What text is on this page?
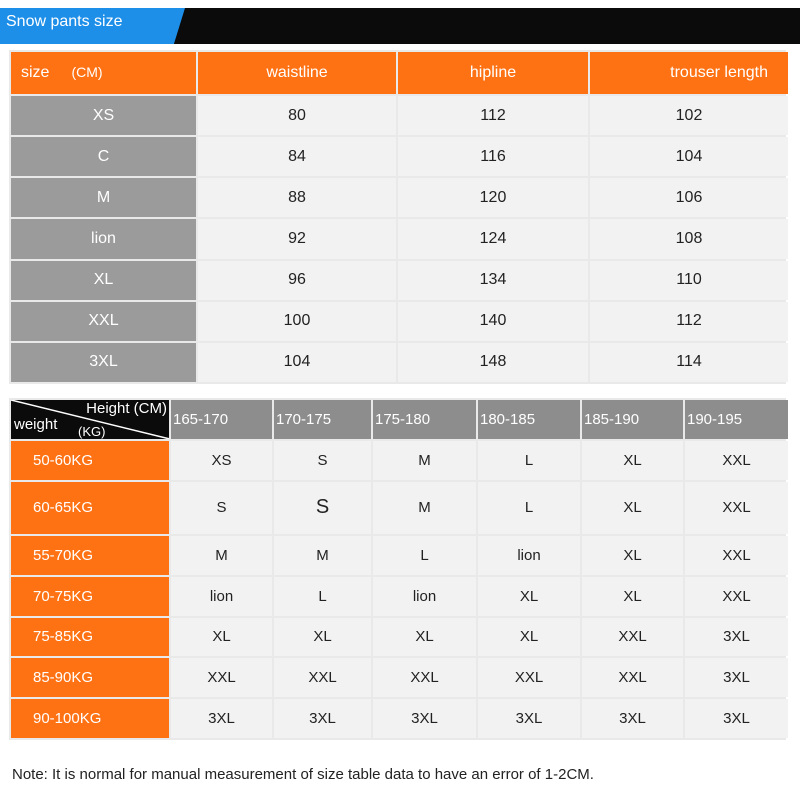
Snow pants size
size (CM)	waistline	hipline	trouser length
XS	80	112	102
C	84	116	104
M	88	120	106
lion	92	124	108
XL	96	134	110
XXL	100	140	112
3XL	104	148	114
Height (CM)
weight (KG)	165-170	170-175	175-180	180-185	185-190	190-195
50-60KG	XS	S	M	L	XL	XXL
60-65KG	S	S	M	L	XL	XXL
55-70KG	M	M	L	lion	XL	XXL
70-75KG	lion	L	lion	XL	XL	XXL
75-85KG	XL	XL	XL	XL	XXL	3XL
85-90KG	XXL	XXL	XXL	XXL	XXL	3XL
90-100KG	3XL	3XL	3XL	3XL	3XL	3XL
Note: It is normal for manual measurement of size table data to have an error of 1-2CM.
